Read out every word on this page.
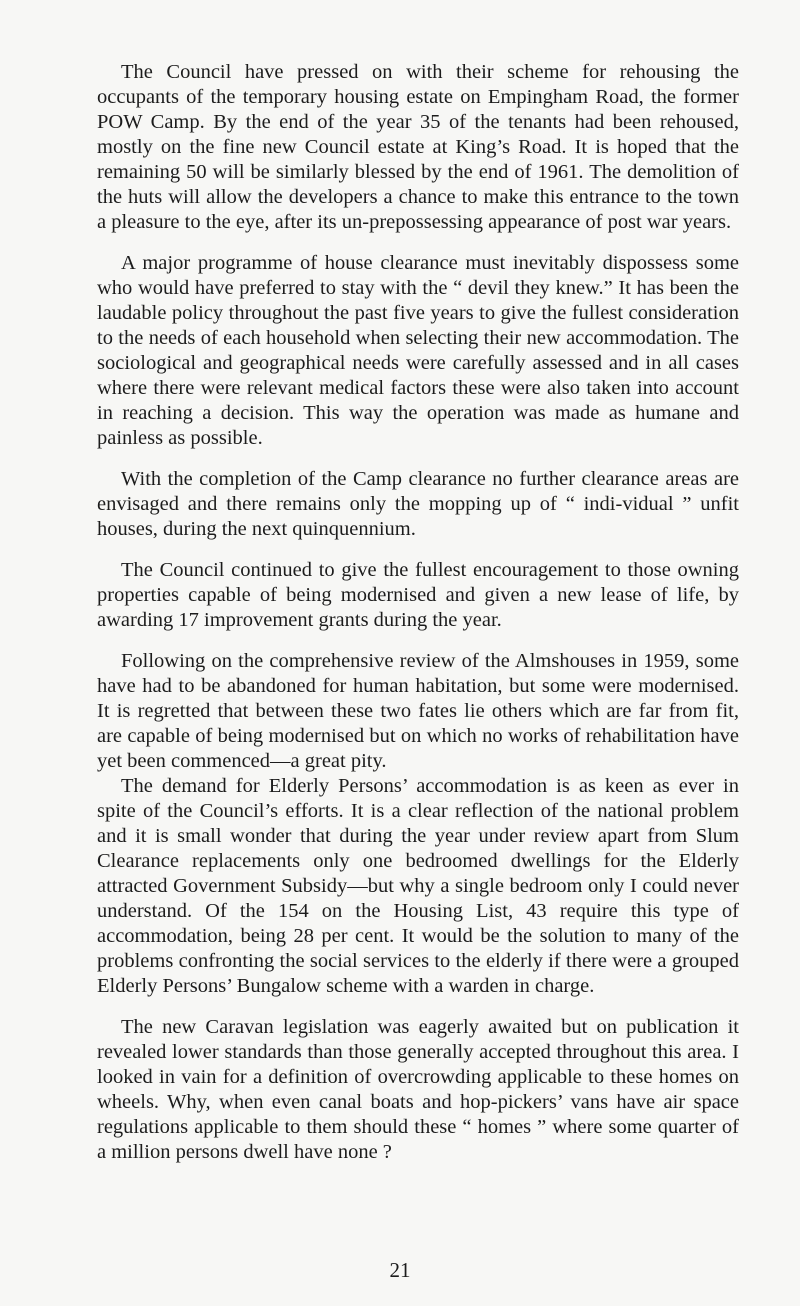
The Council have pressed on with their scheme for rehousing the occupants of the temporary housing estate on Empingham Road, the former POW Camp. By the end of the year 35 of the tenants had been rehoused, mostly on the fine new Council estate at King’s Road. It is hoped that the remaining 50 will be similarly blessed by the end of 1961. The demolition of the huts will allow the developers a chance to make this entrance to the town a pleasure to the eye, after its un-prepossessing appearance of post war years.

A major programme of house clearance must inevitably dispossess some who would have preferred to stay with the “ devil they knew.” It has been the laudable policy throughout the past five years to give the fullest consideration to the needs of each household when selecting their new accommodation. The sociological and geographical needs were carefully assessed and in all cases where there were relevant medical factors these were also taken into account in reaching a decision. This way the operation was made as humane and painless as possible.

With the completion of the Camp clearance no further clearance areas are envisaged and there remains only the mopping up of “ indi-vidual ” unfit houses, during the next quinquennium.

The Council continued to give the fullest encouragement to those owning properties capable of being modernised and given a new lease of life, by awarding 17 improvement grants during the year.

Following on the comprehensive review of the Almshouses in 1959, some have had to be abandoned for human habitation, but some were modernised. It is regretted that between these two fates lie others which are far from fit, are capable of being modernised but on which no works of rehabilitation have yet been commenced—a great pity.

The demand for Elderly Persons’ accommodation is as keen as ever in spite of the Council’s efforts. It is a clear reflection of the national problem and it is small wonder that during the year under review apart from Slum Clearance replacements only one bedroomed dwellings for the Elderly attracted Government Subsidy—but why a single bedroom only I could never understand. Of the 154 on the Housing List, 43 require this type of accommodation, being 28 per cent. It would be the solution to many of the problems confronting the social services to the elderly if there were a grouped Elderly Persons’ Bungalow scheme with a warden in charge.

The new Caravan legislation was eagerly awaited but on publication it revealed lower standards than those generally accepted throughout this area. I looked in vain for a definition of overcrowding applicable to these homes on wheels. Why, when even canal boats and hop-pickers’ vans have air space regulations applicable to them should these “ homes ” where some quarter of a million persons dwell have none ?

21
